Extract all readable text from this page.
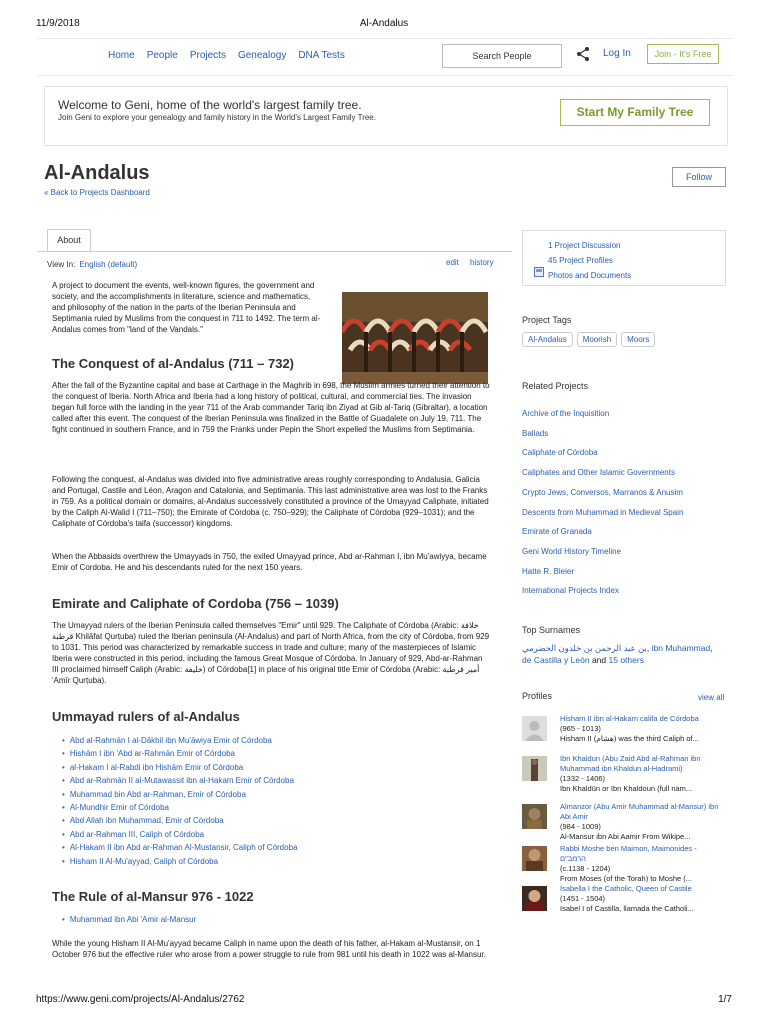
11/9/2018	Al-Andalus
https://www.geni.com/projects/Al-Andalus/2762	1/7
Home People Projects Genealogy DNA Tests	Search People	Log In	Join - It's Free
Welcome to Geni, home of the world's largest family tree.
Join Geni to explore your genealogy and family history in the World's Largest Family Tree.	Start My Family Tree
Al-Andalus
« Back to Projects Dashboard
Follow
About
View In: English (default)	edit history
A project to document the events, well-known figures, the government and society, and the accomplishments in literature, science and mathematics, and philosophy of the nation in the parts of the Iberian Peninsula and Septimania ruled by Muslims from the conquest in 711 to 1492. The term al-Andalus comes from "land of the Vandals."
The Conquest of al-Andalus (711 – 732)
After the fall of the Byzantine capital and base at Carthage in the Maghrib in 698, the Muslim armies turned their attention to the conquest of Iberia. North Africa and Iberia had a long history of political, cultural, and commercial ties. The invasion began full force with the landing in the year 711 of the Arab commander Tariq ibn Ziyad at Gib al-Tariq (Gibraltar), a location called after this event. The conquest of the Iberian Peninsula was finalized in the Battle of Guadalete on July 19, 711. The fight continued in southern France, and in 759 the Franks under Pepin the Short expelled the Muslims from Septimania.
Following the conquest, al-Andalus was divided into five administrative areas roughly corresponding to Andalusia, Galicia and Portugal, Castile and Léon, Aragon and Catalonia, and Septimania. This last administrative area was lost to the Franks in 759. As a political domain or domains, al-Andalus successively constituted a province of the Umayyad Caliphate, initiated by the Caliph Al-Walid I (711–750); the Emirate of Córdoba (c. 750–929); the Caliphate of Córdoba (929–1031); and the Caliphate of Córdoba's taifa (successor) kingdoms.
When the Abbasids overthrew the Umayyads in 750, the exiled Umayyad prince, Abd ar-Rahman I, ibn Mu'awiyya, became Emir of Cordoba. He and his descendants ruled for the next 150 years.
Emirate and Caliphate of Cordoba (756 – 1039)
The Umayyad rulers of the Iberian Peninsula called themselves "Emir" until 929. The Caliphate of Córdoba (Arabic: خلافة قرطبة Khilāfat Qurṭuba) ruled the Iberian peninsula (Al-Andalus) and part of North Africa, from the city of Córdoba, from 929 to 1031. This period was characterized by remarkable success in trade and culture; many of the masterpieces of Islamic Iberia were constructed in this period, including the famous Great Mosque of Córdoba. In January of 929, Abd-ar-Rahman III proclaimed himself Caliph (Arabic: خليفة) of Córdoba[1] in place of his original title Emir of Córdoba (Arabic: أمير قرطبة 'Amīr Qurṭuba).
Ummayad rulers of al-Andalus
• Abd al-Rahmān I al-Dākhil ibn Mu'āwiya Emir of Córdoba
• Hishām I ibn 'Abd ar-Rahmān Emir of Córdoba
• al-Hakam I al-Rabdi ibn Hishām Emir of Córdoba
• Abd ar-Rahmān II al-Mutawassit ibn al-Hakam Emir of Córdoba
• Muhammad bin Abd ar-Rahman, Emir of Córdoba
• Al-Mundhir Emir of Córdoba
• Abd Allah ibn Muhammad, Emir of Córdoba
• Abd ar-Rahman III, Caliph of Córdoba
• Al-Hakam II ibn Abd ar-Rahman Al-Mustansir, Caliph of Córdoba
• Hisham II Al-Mu'ayyad, Caliph of Córdoba
The Rule of al-Mansur 976 - 1022
• Muhammad ibn Abi 'Amir al-Mansur
While the young Hisham II Al-Mu'ayyad became Caliph in name upon the death of his father, al-Hakam al-Mustansir, on 1 October 976 but the effective ruler who arose from a power struggle to rule from 981 until his death in 1022 was al-Mansur.
1 Project Discussion
45 Project Profiles
Photos and Documents
Project Tags
Al-Andalus	Moorish	Moors
Related Projects
Archive of the Inquisition
Ballads
Caliphate of Córdoba
Caliphates and Other Islamic Governments
Crypto Jews, Conversos, Marranos & Anusim
Descents from Muhammad in Medieval Spain
Emirate of Granada
Geni World History Timeline
Hatte R. Bleier
International Projects Index
Top Surnames
بن عبد الرحمن بن خلدون الحضرمي, ibn Muhammad, de Castilla y León and 15 others
Profiles	view all
Hisham II ibn al-Hakam califa de Córdoba
(965 - 1013)
Hisham II (هشام) was the third Caliph of...
Ibn Khaldun (Abu Zaid Abd al-Rahman ibn Muhammad ibn Khaldun al-Hadrami)
(1332 - 1406)
Ibn Khaldūn or Ibn Khaldoun (full nam...
Almanzor (Abu Amir Muhammad al-Mansur) ibn Abi Amir
(984 - 1009)
Al-Mansur ibn Abi Aamir From Wikipe...
Rabbi Moshe ben Maimon, Maimonides - הרמב"ם
(c.1138 - 1204)
From Moses (of the Torah) to Moshe (...
Isabella I the Catholic, Queen of Castile
(1451 - 1504)
Isabel I of Castilla, llamada the Catholi...
